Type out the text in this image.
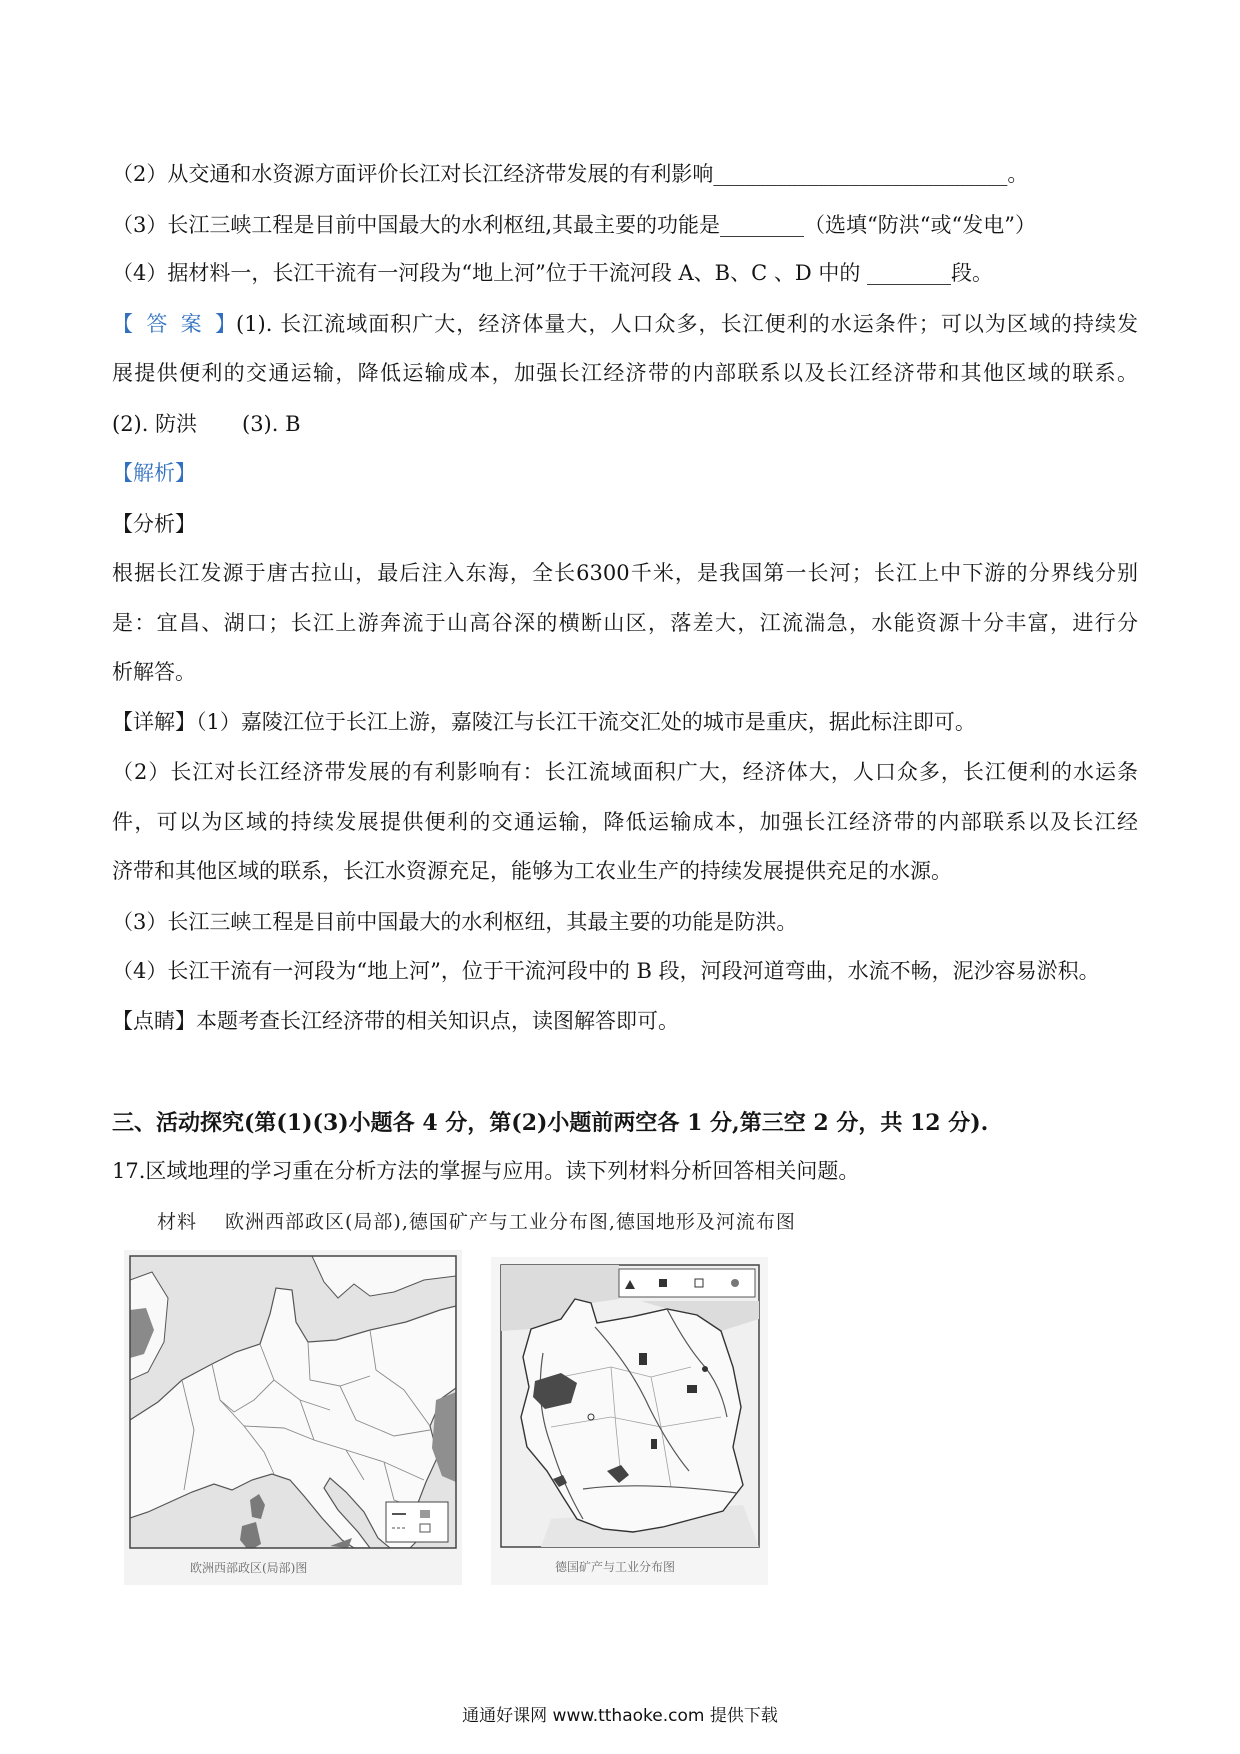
（2）从交通和水资源方面评价长江对长江经济带发展的有利影响____________________________。
（3）长江三峡工程是目前中国最大的水利枢纽,其最主要的功能是________（选填“防洪“或“发电”）
（4）据材料一，长江干流有一河段为“地上河”位于干流河段 A、B、C 、D 中的 ________段。
【答案】(1). 长江流域面积广大，经济体量大，人口众多，长江便利的水运条件；可以为区域的持续发
展提供便利的交通运输，降低运输成本，加强长江经济带的内部联系以及长江经济带和其他区域的联系。
(2). 防洪 (3). B
【解析】
【分析】
根据长江发源于唐古拉山，最后注入东海，全长6300千米，是我国第一长河；长江上中下游的分界线分别
是：宜昌、湖口；长江上游奔流于山高谷深的横断山区，落差大，江流湍急，水能资源十分丰富，进行分
析解答。
【详解】（1）嘉陵江位于长江上游，嘉陵江与长江干流交汇处的城市是重庆，据此标注即可。
（2）长江对长江经济带发展的有利影响有：长江流域面积广大，经济体大，人口众多，长江便利的水运条
件，可以为区域的持续发展提供便利的交通运输，降低运输成本，加强长江经济带的内部联系以及长江经
济带和其他区域的联系，长江水资源充足，能够为工农业生产的持续发展提供充足的水源。
（3）长江三峡工程是目前中国最大的水利枢纽，其最主要的功能是防洪。
（4）长江干流有一河段为“地上河”，位于干流河段中的 B 段，河段河道弯曲，水流不畅，泥沙容易淤积。
【点睛】本题考查长江经济带的相关知识点，读图解答即可。
三、活动探究(第(1)(3)小题各 4 分，第(2)小题前两空各 1 分,第三空 2 分，共 12 分).
17.区域地理的学习重在分析方法的掌握与应用。读下列材料分析回答相关问题。
材料 欧洲西部政区(局部),德国矿产与工业分布图,德国地形及河流布图
欧洲西部政区(局部)图	德国矿产与工业分布图
通通好课网 www.tthaoke.com 提供下载
